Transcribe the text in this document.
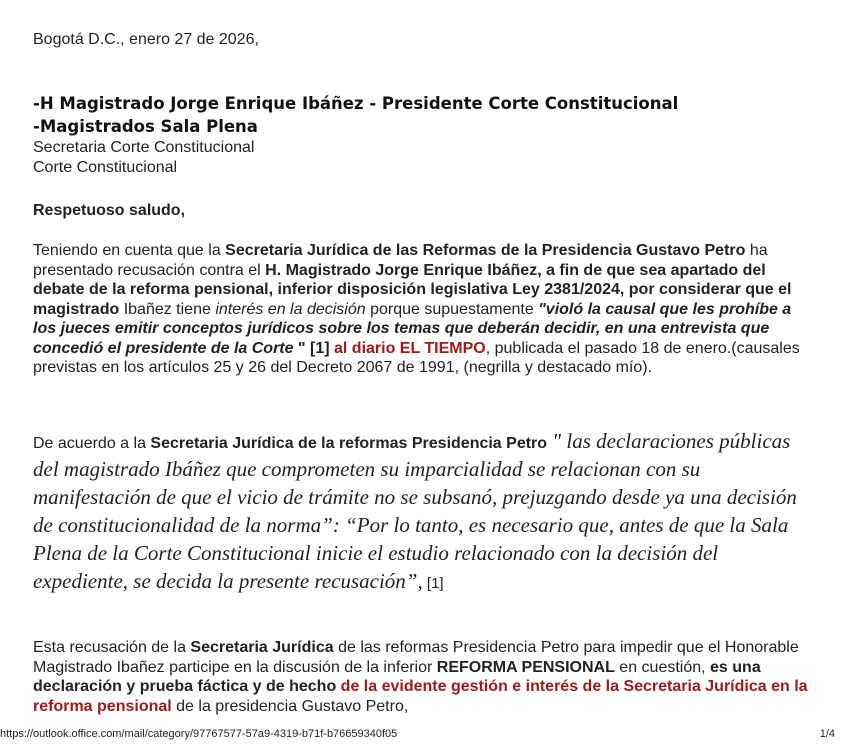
Bogotá D.C., enero 27 de 2026,

-H Magistrado Jorge Enrique Ibáñez - Presidente Corte Constitucional
-Magistrados Sala Plena
Secretaria Corte Constitucional
Corte Constitucional

Respetuoso saludo,

Teniendo en cuenta que la Secretaria Jurídica de las Reformas de la Presidencia Gustavo Petro ha presentado recusación contra el H. Magistrado Jorge Enrique Ibáñez, a fin de que sea apartado del debate de la reforma pensional, inferior disposición legislativa Ley 2381/2024, por considerar que el magistrado Ibañez tiene interés en la decisión porque supuestamente "violó la causal que les prohíbe a los jueces emitir conceptos jurídicos sobre los temas que deberán decidir, en una entrevista que concedió el presidente de la Corte " [1] al diario EL TIEMPO, publicada el pasado 18 de enero.(causales previstas en los artículos 25 y 26 del Decreto 2067 de 1991, (negrilla y destacado mío).

De acuerdo a la Secretaria Jurídica de la reformas Presidencia Petro " las declaraciones públicas del magistrado Ibáñez que comprometen su imparcialidad se relacionan con su manifestación de que el vicio de trámite no se subsanó, prejuzgando desde ya una decisión de constitucionalidad de la norma”: “Por lo tanto, es necesario que, antes de que la Sala Plena de la Corte Constitucional inicie el estudio relacionado con la decisión del expediente, se decida la presente recusación”, [1]

Esta recusación de la Secretaria Jurídica de las reformas Presidencia Petro para impedir que el Honorable Magistrado Ibañez participe en la discusión de la inferior REFORMA PENSIONAL en cuestión, es una declaración y prueba fáctica y de hecho de la evidente gestión e interés de la Secretaria Jurídica en la reforma pensional de la presidencia Gustavo Petro,

https://outlook.office.com/mail/category/97767577-57a9-4319-b71f-b76659340f05	1/4
